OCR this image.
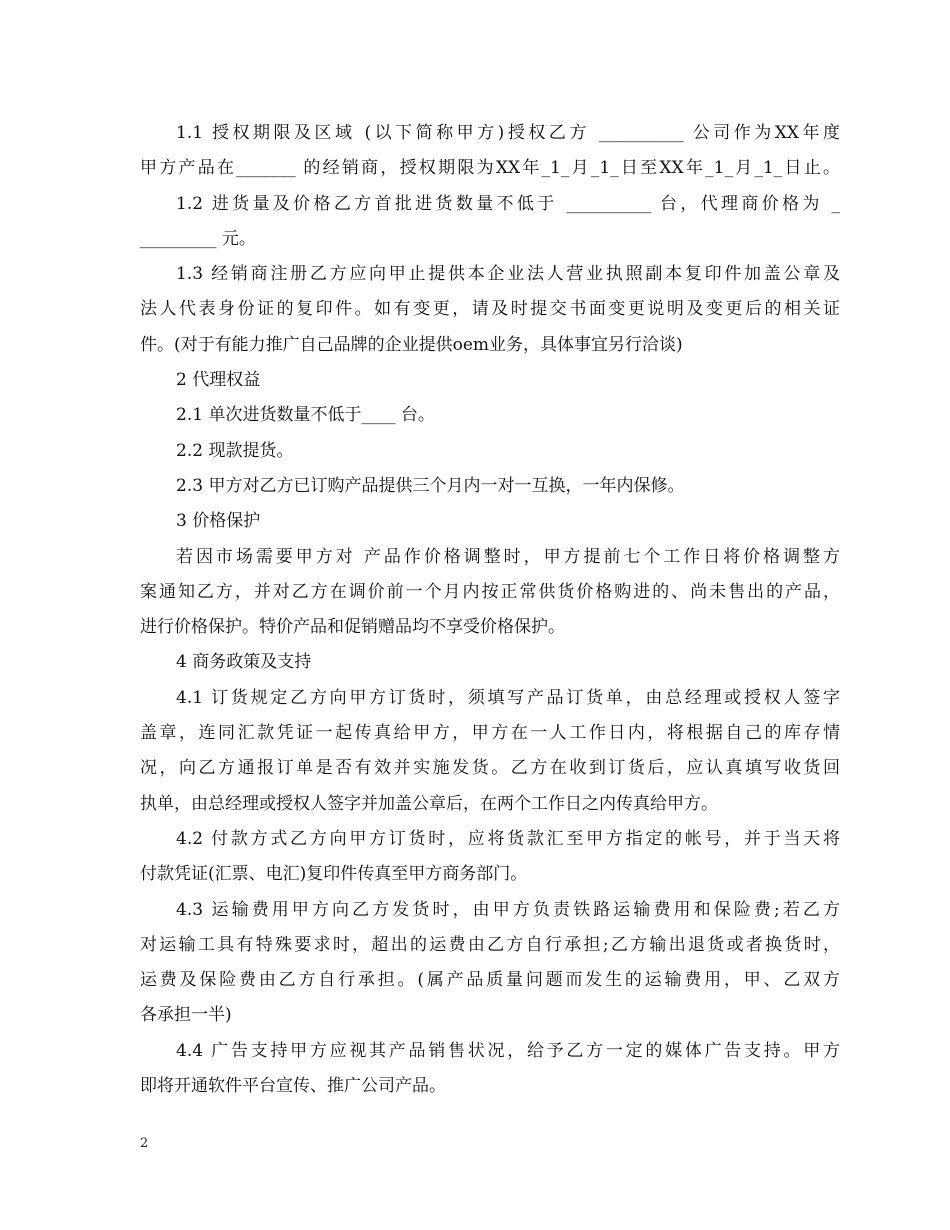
1.1 授权期限及区域 (以下简称甲方)授权乙方 __________ 公司作为XX年度
甲方产品在_______ 的经销商，授权期限为XX年_1_月_1_日至XX年_1_月_1_日止。
1.2 进货量及价格乙方首批进货数量不低于 __________ 台，代理商价格为 _
_________ 元。
1.3 经销商注册乙方应向甲止提供本企业法人营业执照副本复印件加盖公章及
法人代表身份证的复印件。如有变更，请及时提交书面变更说明及变更后的相关证
件。(对于有能力推广自己品牌的企业提供oem业务，具体事宜另行洽谈)
2 代理权益
2.1 单次进货数量不低于____ 台。
2.2 现款提货。
2.3 甲方对乙方已订购产品提供三个月内一对一互换，一年内保修。
3 价格保护
若因市场需要甲方对 产品作价格调整时，甲方提前七个工作日将价格调整方
案通知乙方，并对乙方在调价前一个月内按正常供货价格购进的、尚未售出的产品，
进行价格保护。特价产品和促销赠品均不享受价格保护。
4 商务政策及支持
4.1 订货规定乙方向甲方订货时，须填写产品订货单，由总经理或授权人签字
盖章，连同汇款凭证一起传真给甲方，甲方在一人工作日内，将根据自己的库存情
况，向乙方通报订单是否有效并实施发货。乙方在收到订货后，应认真填写收货回
执单，由总经理或授权人签字并加盖公章后，在两个工作日之内传真给甲方。
4.2 付款方式乙方向甲方订货时，应将货款汇至甲方指定的帐号，并于当天将
付款凭证(汇票、电汇)复印件传真至甲方商务部门。
4.3 运输费用甲方向乙方发货时，由甲方负责铁路运输费用和保险费;若乙方
对运输工具有特殊要求时，超出的运费由乙方自行承担;乙方输出退货或者换货时，
运费及保险费由乙方自行承担。(属产品质量问题而发生的运输费用，甲、乙双方
各承担一半)
4.4 广告支持甲方应视其产品销售状况，给予乙方一定的媒体广告支持。甲方
即将开通软件平台宣传、推广公司产品。
2
